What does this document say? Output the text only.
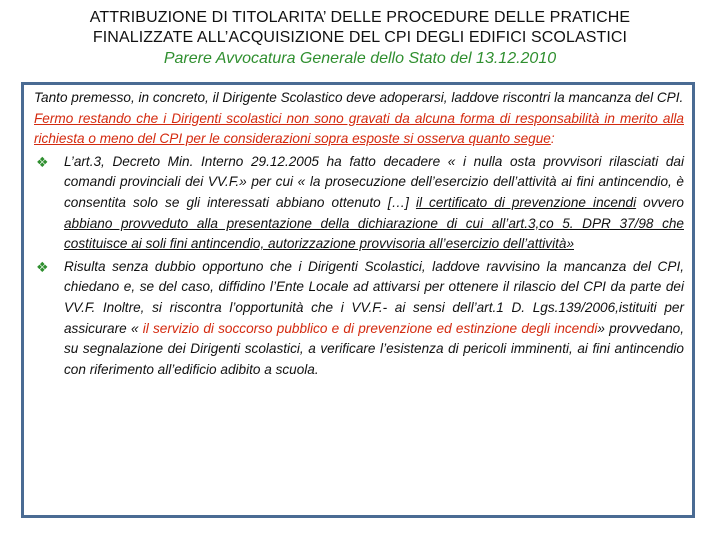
ATTRIBUZIONE DI TITOLARITA’ DELLE PROCEDURE DELLE PRATICHE
FINALIZZATE ALL’ACQUISIZIONE DEL CPI DEGLI EDIFICI SCOLASTICI
Parere Avvocatura Generale dello Stato del 13.12.2010

Tanto premesso, in concreto, il Dirigente Scolastico deve adoperarsi, laddove riscontri la mancanza del CPI.

Fermo restando che i Dirigenti scolastici non sono gravati da alcuna forma di responsabilità in merito alla richiesta o meno del CPI per le considerazioni sopra esposte si osserva quanto segue:

❖	L’art.3, Decreto Min. Interno 29.12.2005 ha fatto decadere « i nulla osta provvisori rilasciati dai comandi provinciali dei VV.F.» per cui « la prosecuzione dell’esercizio dell’attività ai fini antincendio, è consentita solo se gli interessati abbiano ottenuto […] il certificato di prevenzione incendi ovvero abbiano provveduto alla presentazione della dichiarazione di cui all’art.3,co 5. DPR 37/98 che costituisce ai soli fini antincendio, autorizzazione provvisoria all’esercizio dell’attività»

❖	Risulta senza dubbio opportuno che i Dirigenti Scolastici, laddove ravvisino la mancanza del CPI, chiedano e, se del caso, diffidino l’Ente Locale ad attivarsi per ottenere il rilascio del CPI da parte dei VV.F. Inoltre, si riscontra l’opportunità che i VV.F.- ai sensi dell’art.1 D. Lgs.139/2006,istituiti per assicurare « il servizio di soccorso pubblico e di prevenzione ed estinzione degli incendi» provvedano, su segnalazione dei Dirigenti scolastici, a verificare l’esistenza di pericoli imminenti, ai fini antincendio con riferimento all’edificio adibito a scuola.
